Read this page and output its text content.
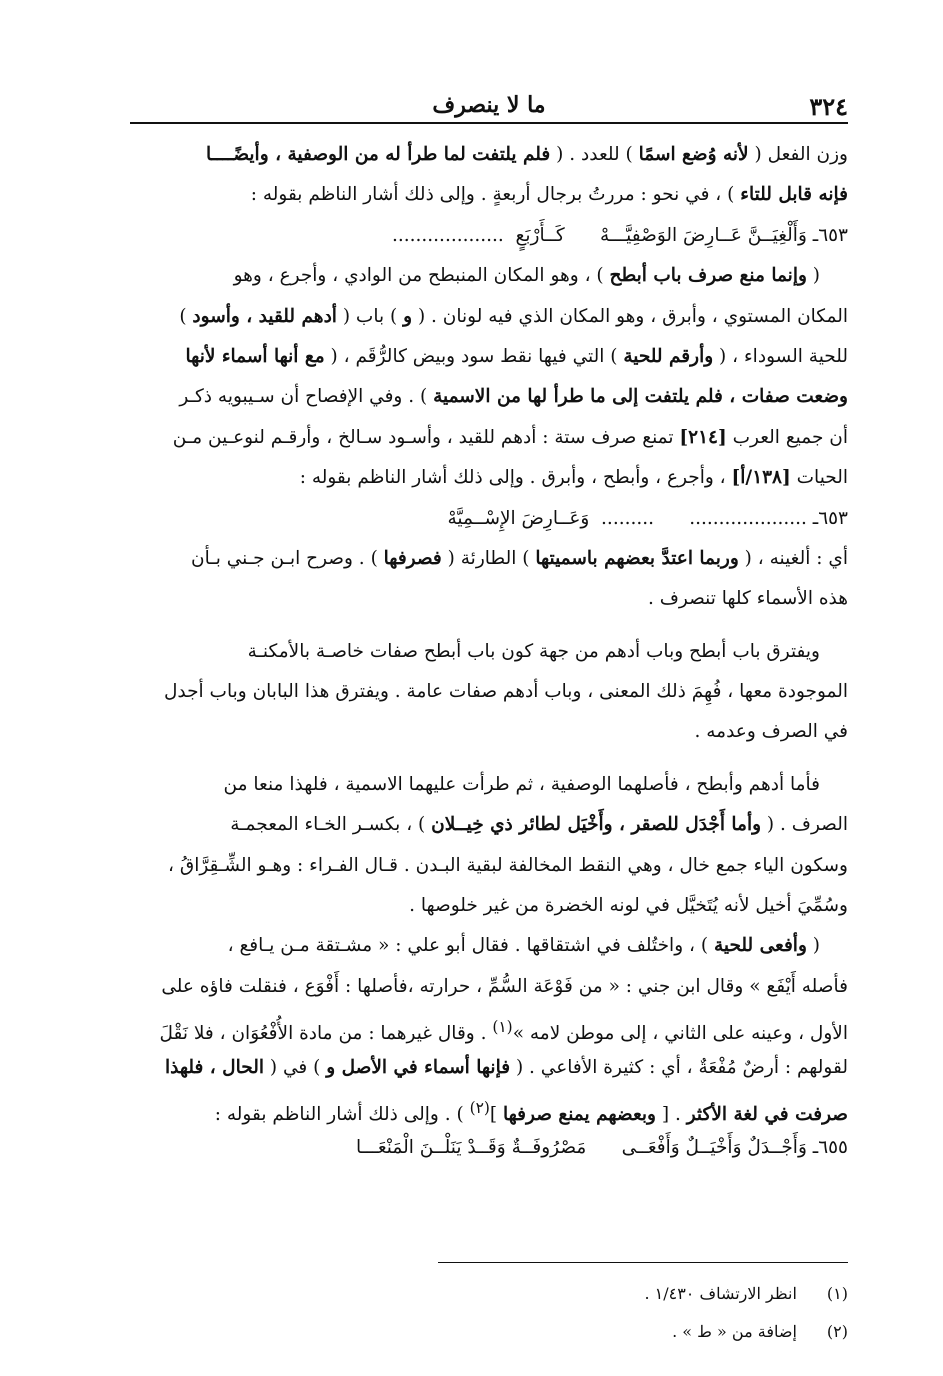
٣٢٤
ما لا ينصرف
وزن الفعل ( لأنه وُضع اسمًا ) للعدد . ( فلم يلتفت لما طرأ له من الوصفية ، وأيضًــــا
فإنه قابل للتاء ) ، في نحو : مررتُ برجال أربعةٍ . وإلى ذلك أشار الناظم بقوله :
٦٥٣ـ وَأَلْغِيَــنَّ عَــارِضَ الوَصْفِيَّـــهْ      كَــأَرْبَعٍ  ...................
( وإنما منع صرف باب أبطح ) ، وهو المكان المنبطح من الوادي ، وأجرع ، وهو
المكان المستوي ، وأبرق ، وهو المكان الذي فيه لونان . ( و ) باب ( أدهم للقيد ، وأسود )
للحية السوداء ، ( وأرقم للحية ) التي فيها نقط سود وبيض كالرُّقَم ، ( مع أنها أسماء لأنها
وضعت صفات ، فلم يلتفت إلى ما طرأ لها من الاسمية ) . وفي الإفصاح أن سـيبويه ذكـر
أن جميع العرب [٢١٤] تمنع صرف ستة : أدهم للقيد ، وأسـود سـالخ ، وأرقـم لنوعـين مـن
الحيات [١٣٨/أ] ، وأجرع ، وأبطح ، وأبرق . وإلى ذلك أشار الناظم بقوله :
٦٥٣ـ ....................      .........  وَعَــارِضَ الإِسْــمِيَّهْ
أي : ألغينه ، ( وربما اعتدَّ بعضهم باسميتها ) الطارئة ( فصرفها ) . وصرح ابـن جـني بـأن
هذه الأسماء كلها تنصرف .
ويفترق باب أبطح وباب أدهم من جهة كون باب أبطح صفات خاصـة بالأمكنـة
الموجودة معها ، فُهِمَ ذلك المعنى ، وباب أدهم صفات عامة . ويفترق هذا البابان وباب أجدل
في الصرف وعدمه .
فأما أدهم وأبطح ، فأصلهما الوصفية ، ثم طرأت عليهما الاسمية ، فلهذا منعا من
الصرف . ( وأما أَجْدَل للصقر ، وأَخْيَل لطائر ذي خِيــلان ) ، بكسـر الخـاء المعجمـة
وسكون الياء جمع خال ، وهي النقط المخالفة لبقية البـدن . قـال الفـراء : وهـو الشِّـقِرَّاقُ ،
وسُمِّيَ أخيل لأنه يُتَخيَّل في لونه الخضرة من غير خلوصها .
( وأفعى للحية ) ، واختُلف في اشتقاقها . فقال أبو علي : « مشـتقة مـن يـافع ،
فأصله أَيْفَع » وقال ابن جني : « من فَوْعَة السُّمِّ ، حرارته ،فأصلها : أَفْوَع ، فنقلت فاؤه على
الأول ، وعينه على الثاني ، إلى موطن لامه »$^{(١)}$ . وقال غيرهما : من مادة الأُفْعُوَان ، فلا نَقْلَ
لقولهم : أرضٌ مُفْعَةٌ ، أي : كثيرة الأفاعي . ( فإنها أسماء في الأصل و ) في ( الحال ، فلهذا
صرفت في لغة الأكثر . [ وبعضهم يمنع صرفها ]$^{(٢)}$ ) . وإلى ذلك أشار الناظم بقوله :
٦٥٥ـ وَأَجْــدَلٌ وَأَخْيَــلٌ وَأَفْعَــى      مَصْرُوفَــةٌ وَقَــدْ يَنَلْــنَ الْمَنْعَـــا
(١) انظر الارتشاف ١/٤٣٠ .
(٢) إضافة من « ط » .
